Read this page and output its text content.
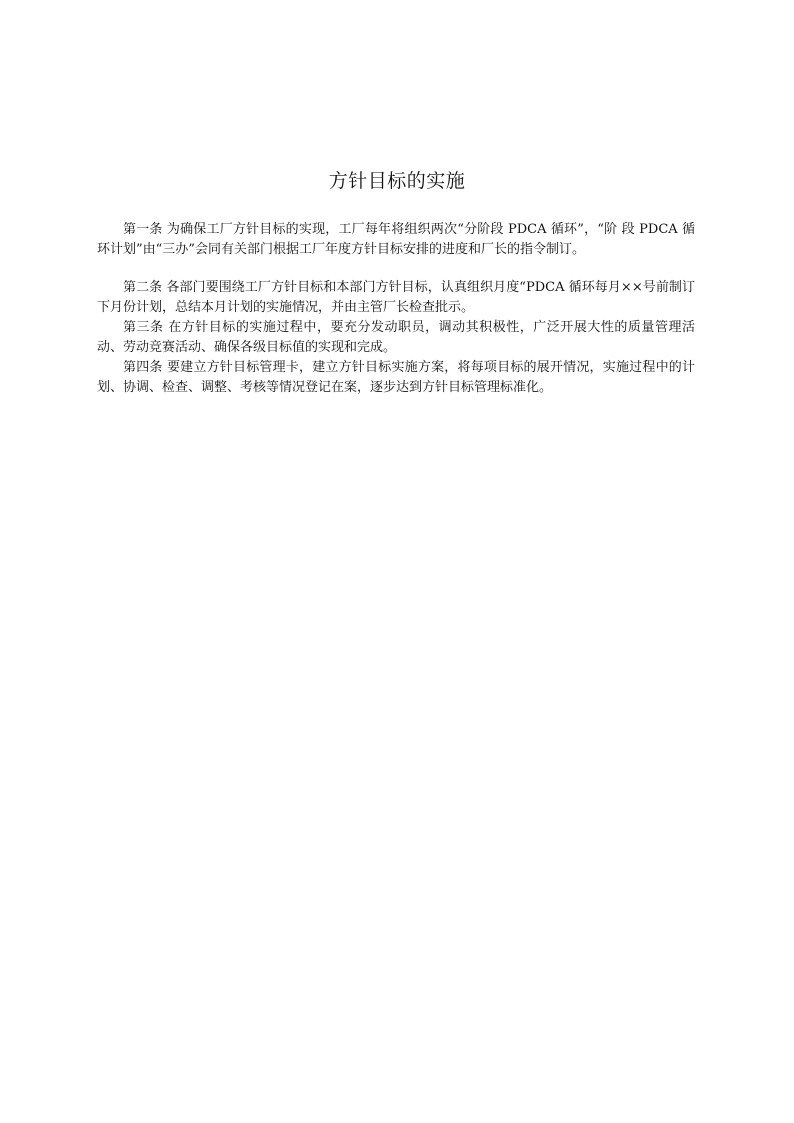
方针目标的实施

第一条 为确保工厂方针目标的实现，工厂每年将组织两次“分阶段 PDCA 循环”，“阶 段 PDCA 循环计划”由“三办”会同有关部门根据工厂年度方针目标安排的进度和厂长的指令制订。

第二条 各部门要围绕工厂方针目标和本部门方针目标，认真组织月度“PDCA 循环每月××号前制订下月份计划，总结本月计划的实施情况，并由主管厂长检查批示。

第三条 在方针目标的实施过程中，要充分发动职员，调动其积极性，广泛开展大性的质量管理活动、劳动竞赛活动、确保各级目标值的实现和完成。

第四条 要建立方针目标管理卡，建立方针目标实施方案，将每项目标的展开情况，实施过程中的计划、协调、检查、调整、考核等情况登记在案，逐步达到方针目标管理标准化。
